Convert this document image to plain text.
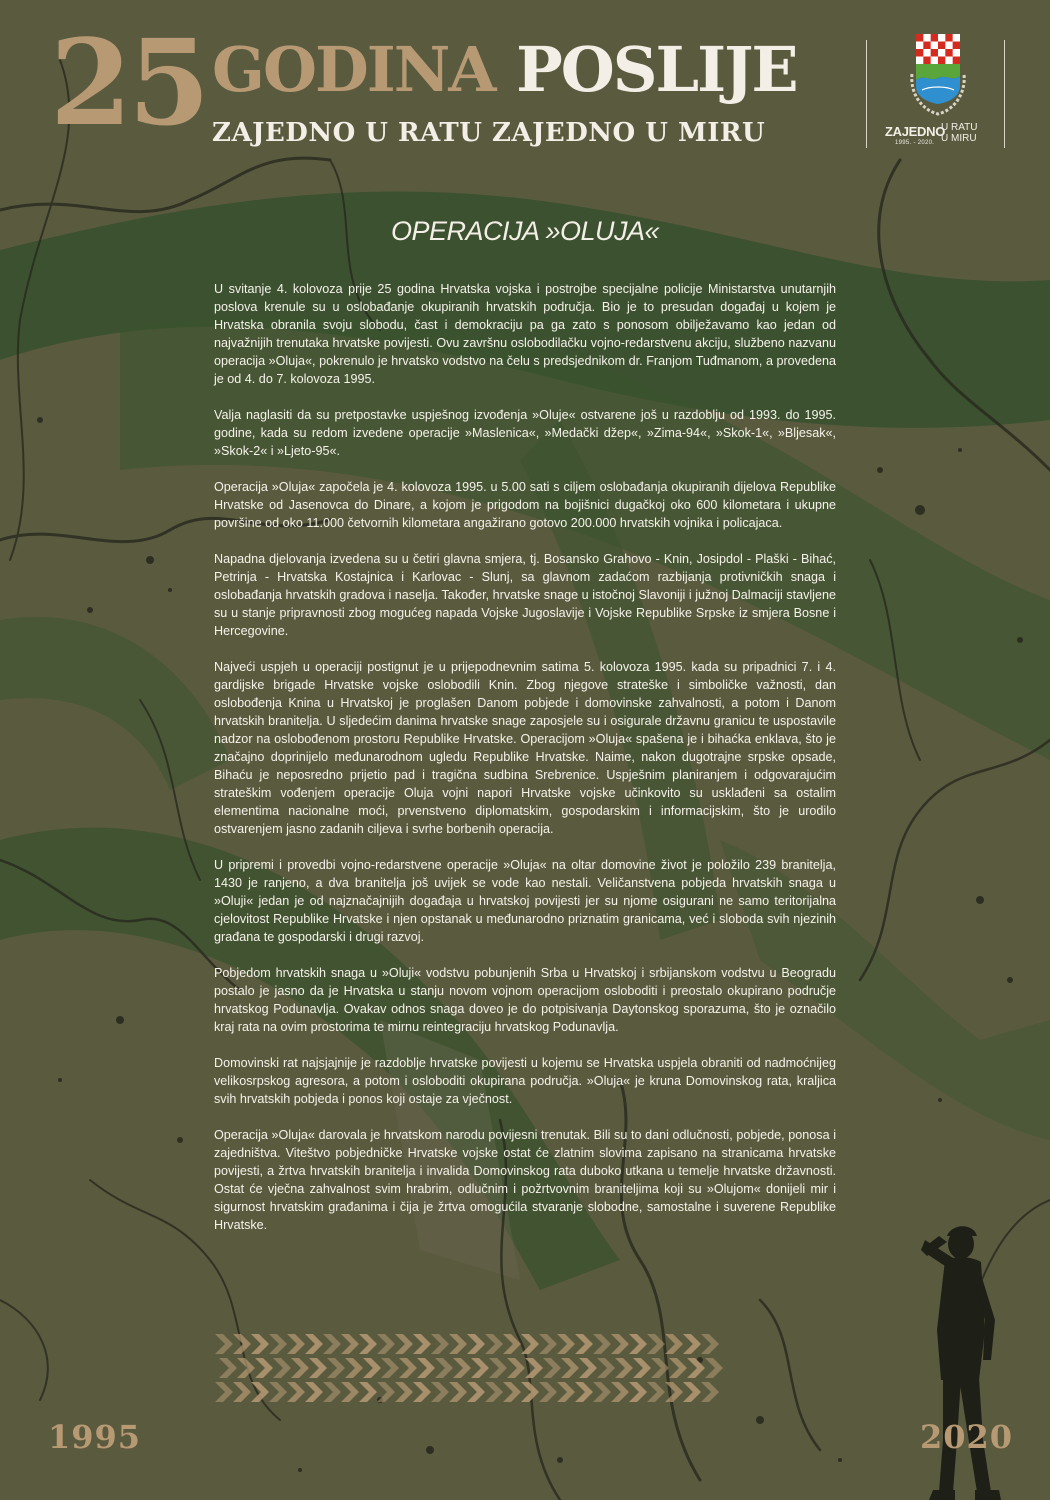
25 GODINA POSLIJE
ZAJEDNO U RATU ZAJEDNO U MIRU	ZAJEDNO
U RATU
U MIRU
1995. - 2020.
OPERACIJA »OLUJA«

U svitanje 4. kolovoza prije 25 godina Hrvatska vojska i postrojbe specijalne policije Ministarstva unutarnjih poslova krenule su u oslobađanje okupiranih hrvatskih područja. Bio je to presudan događaj u kojem je Hrvatska obranila svoju slobodu, čast i demokraciju pa ga zato s ponosom obilježavamo kao jedan od najvažnijih trenutaka hrvatske povijesti. Ovu završnu oslobodilačku vojno-redarstvenu akciju, službeno nazvanu operacija »Oluja«, pokrenulo je hrvatsko vodstvo na čelu s predsjednikom dr. Franjom Tuđmanom, a provedena je od 4. do 7. kolovoza 1995.

Valja naglasiti da su pretpostavke uspješnog izvođenja »Oluje« ostvarene još u razdoblju od 1993. do 1995. godine, kada su redom izvedene operacije »Maslenica«, »Medački džep«, »Zima-94«, »Skok-1«, »Bljesak«, »Skok-2« i »Ljeto-95«.

Operacija »Oluja« započela je 4. kolovoza 1995. u 5.00 sati s ciljem oslobađanja okupiranih dijelova Republike Hrvatske od Jasenovca do Dinare, a kojom je prigodom na bojišnici dugačkoj oko 600 kilometara i ukupne površine od oko 11.000 četvornih kilometara angažirano gotovo 200.000 hrvatskih vojnika i policajaca.

Napadna djelovanja izvedena su u četiri glavna smjera, tj. Bosansko Grahovo - Knin, Josipdol - Plaški - Bihać, Petrinja - Hrvatska Kostajnica i Karlovac - Slunj, sa glavnom zadaćom razbijanja protivničkih snaga i oslobađanja hrvatskih gradova i naselja. Također, hrvatske snage u istočnoj Slavoniji i južnoj Dalmaciji stavljene su u stanje pripravnosti zbog mogućeg napada Vojske Jugoslavije i Vojske Republike Srpske iz smjera Bosne i Hercegovine.

Najveći uspjeh u operaciji postignut je u prijepodnevnim satima 5. kolovoza 1995. kada su pripadnici 7. i 4. gardijske brigade Hrvatske vojske oslobodili Knin. Zbog njegove strateške i simboličke važnosti, dan oslobođenja Knina u Hrvatskoj je proglašen Danom pobjede i domovinske zahvalnosti, a potom i Danom hrvatskih branitelja. U sljedećim danima hrvatske snage zaposjele su i osigurale državnu granicu te uspostavile nadzor na oslobođenom prostoru Republike Hrvatske. Operacijom »Oluja« spašena je i bihaćka enklava, što je značajno doprinijelo međunarodnom ugledu Republike Hrvatske. Naime, nakon dugotrajne srpske opsade, Bihaću je neposredno prijetio pad i tragična sudbina Srebrenice. Uspješnim planiranjem i odgovarajućim strateškim vođenjem operacije Oluja vojni napori Hrvatske vojske učinkovito su usklađeni sa ostalim elementima nacionalne moći, prvenstveno diplomatskim, gospodarskim i informacijskim, što je urodilo ostvarenjem jasno zadanih ciljeva i svrhe borbenih operacija.

U pripremi i provedbi vojno-redarstvene operacije »Oluja« na oltar domovine život je položilo 239 branitelja, 1430 je ranjeno, a dva branitelja još uvijek se vode kao nestali. Veličanstvena pobjeda hrvatskih snaga u »Oluji« jedan je od najznačajnijih događaja u hrvatskoj povijesti jer su njome osigurani ne samo teritorijalna cjelovitost Republike Hrvatske i njen opstanak u međunarodno priznatim granicama, već i sloboda svih njezinih građana te gospodarski i drugi razvoj.

Pobjedom hrvatskih snaga u »Oluji« vodstvu pobunjenih Srba u Hrvatskoj i srbijanskom vodstvu u Beogradu postalo je jasno da je Hrvatska u stanju novom vojnom operacijom osloboditi i preostalo okupirano područje hrvatskog Podunavlja. Ovakav odnos snaga doveo je do potpisivanja Daytonskog sporazuma, što je označilo kraj rata na ovim prostorima te mirnu reintegraciju hrvatskog Podunavlja.

Domovinski rat najsjajnije je razdoblje hrvatske povijesti u kojemu se Hrvatska uspjela obraniti od nadmoćnijeg velikosrpskog agresora, a potom i osloboditi okupirana područja. »Oluja« je kruna Domovinskog rata, kraljica svih hrvatskih pobjeda i ponos koji ostaje za vječnost.

Operacija »Oluja« darovala je hrvatskom narodu povijesni trenutak. Bili su to dani odlučnosti, pobjede, ponosa i zajedništva. Viteštvo pobjedničke Hrvatske vojske ostat će zlatnim slovima zapisano na stranicama hrvatske povijesti, a žrtva hrvatskih branitelja i invalida Domovinskog rata duboko utkana u temelje hrvatske državnosti. Ostat će vječna zahvalnost svim hrabrim, odlučnim i požrtvovnim braniteljima koji su »Olujom« donijeli mir i sigurnost hrvatskim građanima i čija je žrtva omogućila stvaranje slobodne, samostalne i suverene Republike Hrvatske.

1995	2020
